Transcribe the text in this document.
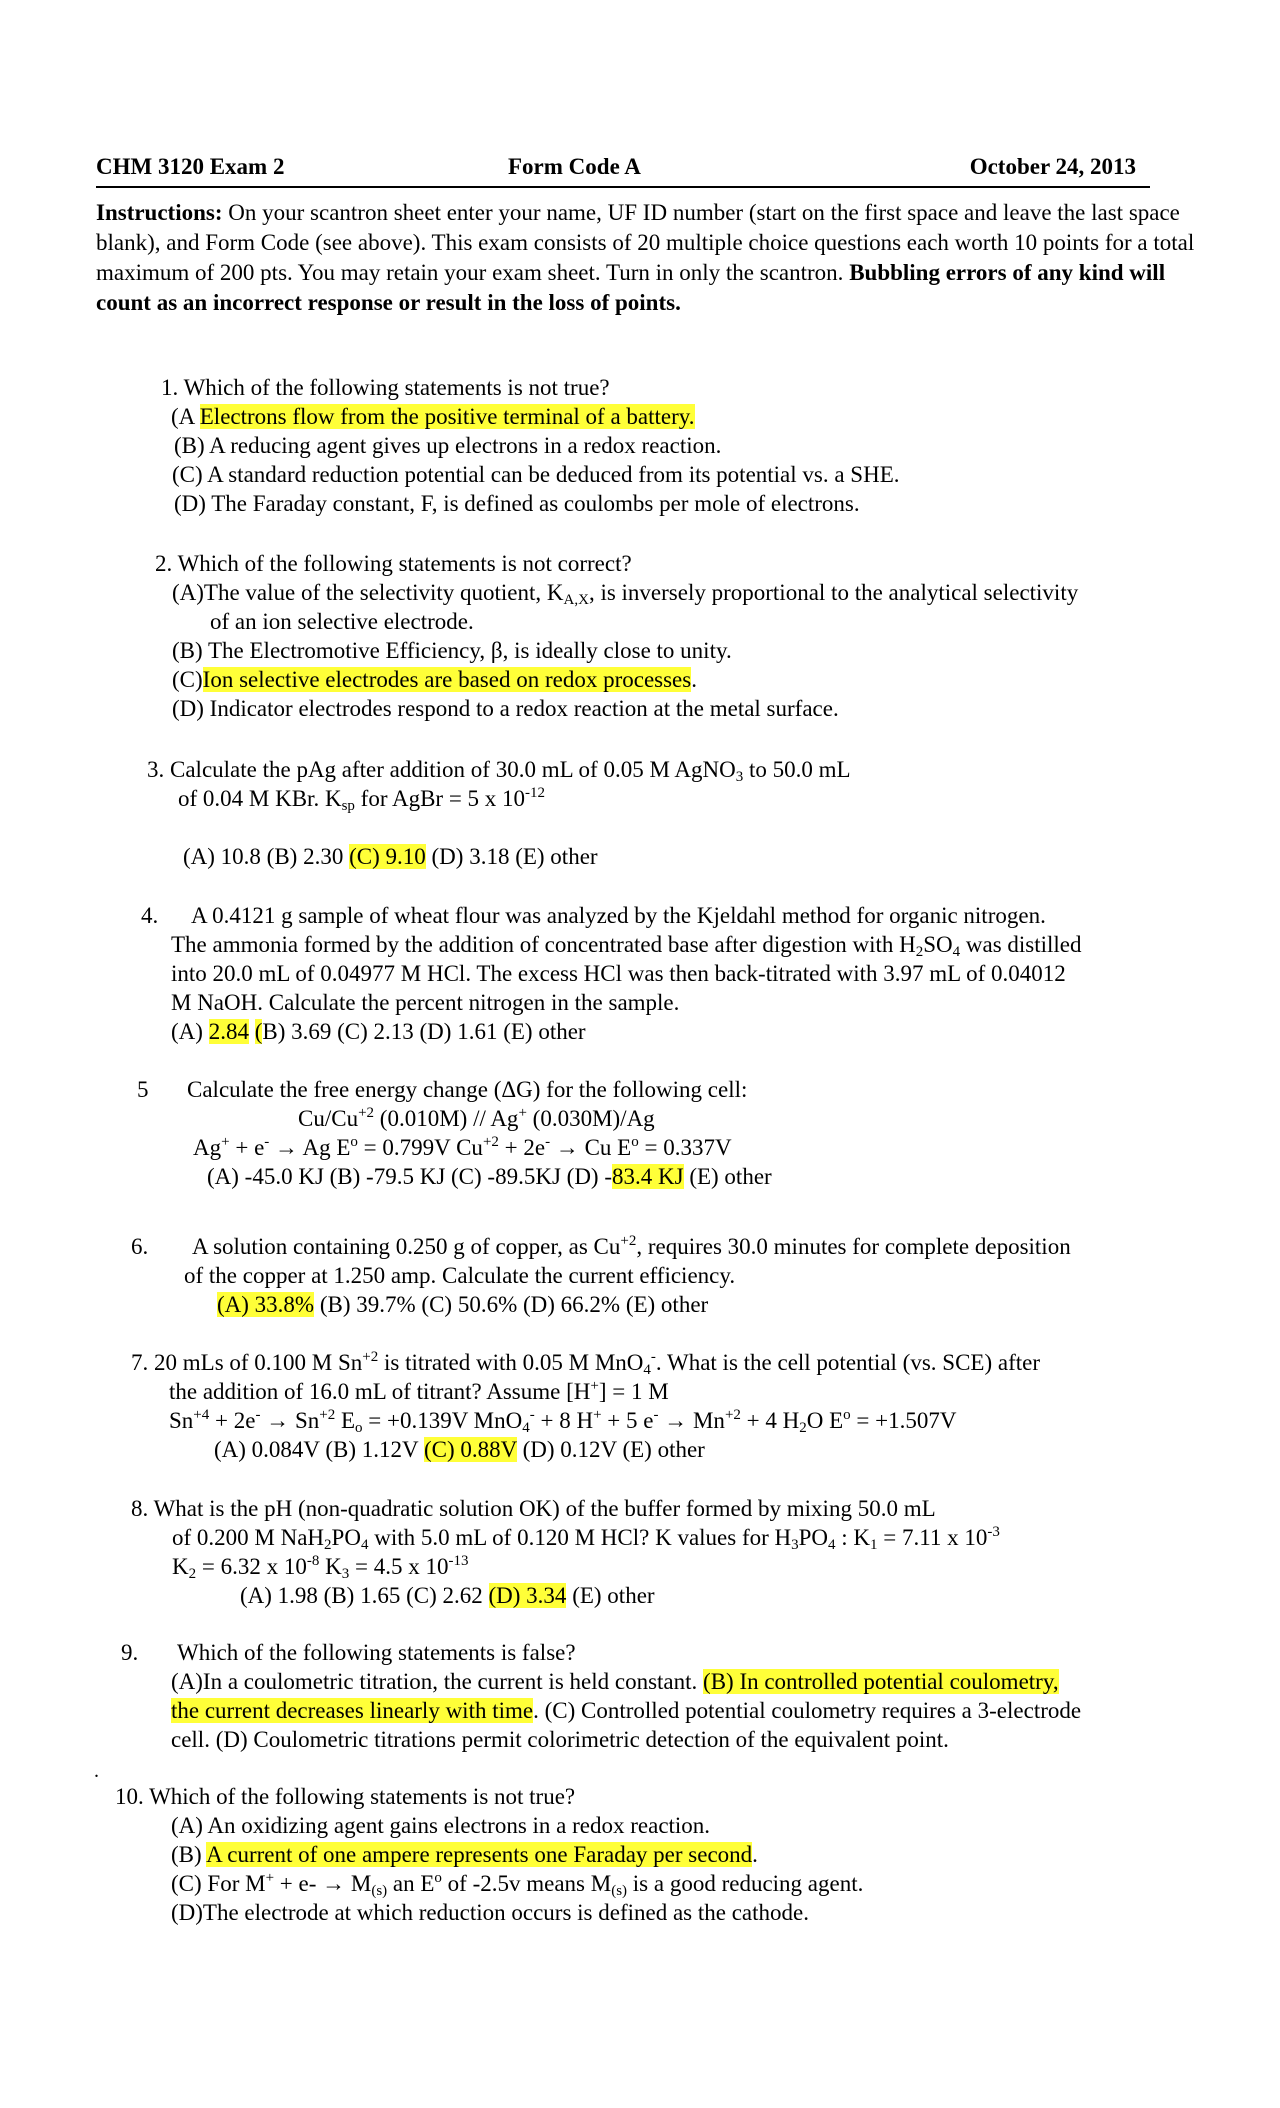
CHM 3120 Exam 2	Form Code A	October 24, 2013
Instructions: On your scantron sheet enter your name, UF ID number (start on the first space and leave the last space blank), and Form Code (see above). This exam consists of 20 multiple choice questions each worth 10 points for a total maximum of 200 pts. You may retain your exam sheet. Turn in only the scantron. Bubbling errors of any kind will count as an incorrect response or result in the loss of points.
1. Which of the following statements is not true?
(A Electrons flow from the positive terminal of a battery.
(B) A reducing agent gives up electrons in a redox reaction.
(C) A standard reduction potential can be deduced from its potential vs. a SHE.
(D) The Faraday constant, F, is defined as coulombs per mole of electrons.
2. Which of the following statements is not correct?
(A)The value of the selectivity quotient, $K_{A,X}$, is inversely proportional to the analytical selectivity
of an ion selective electrode.
(B) The Electromotive Efficiency, β, is ideally close to unity.
(C)Ion selective electrodes are based on redox processes.
(D) Indicator electrodes respond to a redox reaction at the metal surface.
3. Calculate the pAg after addition of 30.0 mL of 0.05 M AgNO$_3$ to 50.0 mL
of 0.04 M KBr. $K_{sp}$ for AgBr = 5 x $10^{-12}$
(A) 10.8 (B) 2.30 (C) 9.10 (D) 3.18 (E) other
4. A 0.4121 g sample of wheat flour was analyzed by the Kjeldahl method for organic nitrogen.
The ammonia formed by the addition of concentrated base after digestion with $H_2SO_4$ was distilled
into 20.0 mL of 0.04977 M HCl. The excess HCl was then back-titrated with 3.97 mL of 0.04012
M NaOH. Calculate the percent nitrogen in the sample.
(A) 2.84 (B) 3.69 (C) 2.13 (D) 1.61 (E) other
5 Calculate the free energy change (ΔG) for the following cell:
$Cu/Cu^{+2}$ (0.010M) // Ag+ (0.030M)/Ag
Ag+ + e- → Ag $E^o = 0.799V$ $Cu^{+2} + 2e^- \to Cu$ $E^o = 0.337V$
(A) -45.0 KJ (B) -79.5 KJ (C) -89.5KJ (D) -83.4 KJ (E) other
6. A solution containing 0.250 g of copper, as $Cu^{+2}$, requires 30.0 minutes for complete deposition
of the copper at 1.250 amp. Calculate the current efficiency.
(A) 33.8% (B) 39.7% (C) 50.6% (D) 66.2% (E) other
7. 20 mLs of 0.100 M $Sn^{+2}$ is titrated with 0.05 M MnO$_4$-. What is the cell potential (vs. SCE) after
the addition of 16.0 mL of titrant? Assume [H+] = 1 M
$Sn^{+4} + 2e^- \to Sn^{+2}$ $E_o = +0.139V$ MnO$_4$- + 8 H+ + 5 $e^- \to Mn^{+2} + 4$ $H_2O$ $E^o = +1.507V$
(A) 0.084V (B) 1.12V (C) 0.88V (D) 0.12V (E) other
8. What is the pH (non-quadratic solution OK) of the buffer formed by mixing 50.0 mL
of 0.200 M $NaH_2PO_4$ with 5.0 mL of 0.120 M HCl? K values for $H_3PO_4$ : $K_1 = 7.11$ x $10^{-3}$
$K_2 = 6.32$ x $10^{-8}$ $K_3 = 4.5$ x $10^{-13}$
(A) 1.98 (B) 1.65 (C) 2.62 (D) 3.34 (E) other
9. Which of the following statements is false?
(A)In a coulometric titration, the current is held constant. (B) In controlled potential coulometry,
the current decreases linearly with time. (C) Controlled potential coulometry requires a 3-electrode
cell. (D) Coulometric titrations permit colorimetric detection of the equivalent point.
.
10. Which of the following statements is not true?
(A) An oxidizing agent gains electrons in a redox reaction.
(B) A current of one ampere represents one Faraday per second.
(C) For $M^+ + e- \to M_{(s)}$ an $E^o$ of -2.5v means $M_{(s)}$ is a good reducing agent.
(D)The electrode at which reduction occurs is defined as the cathode.
